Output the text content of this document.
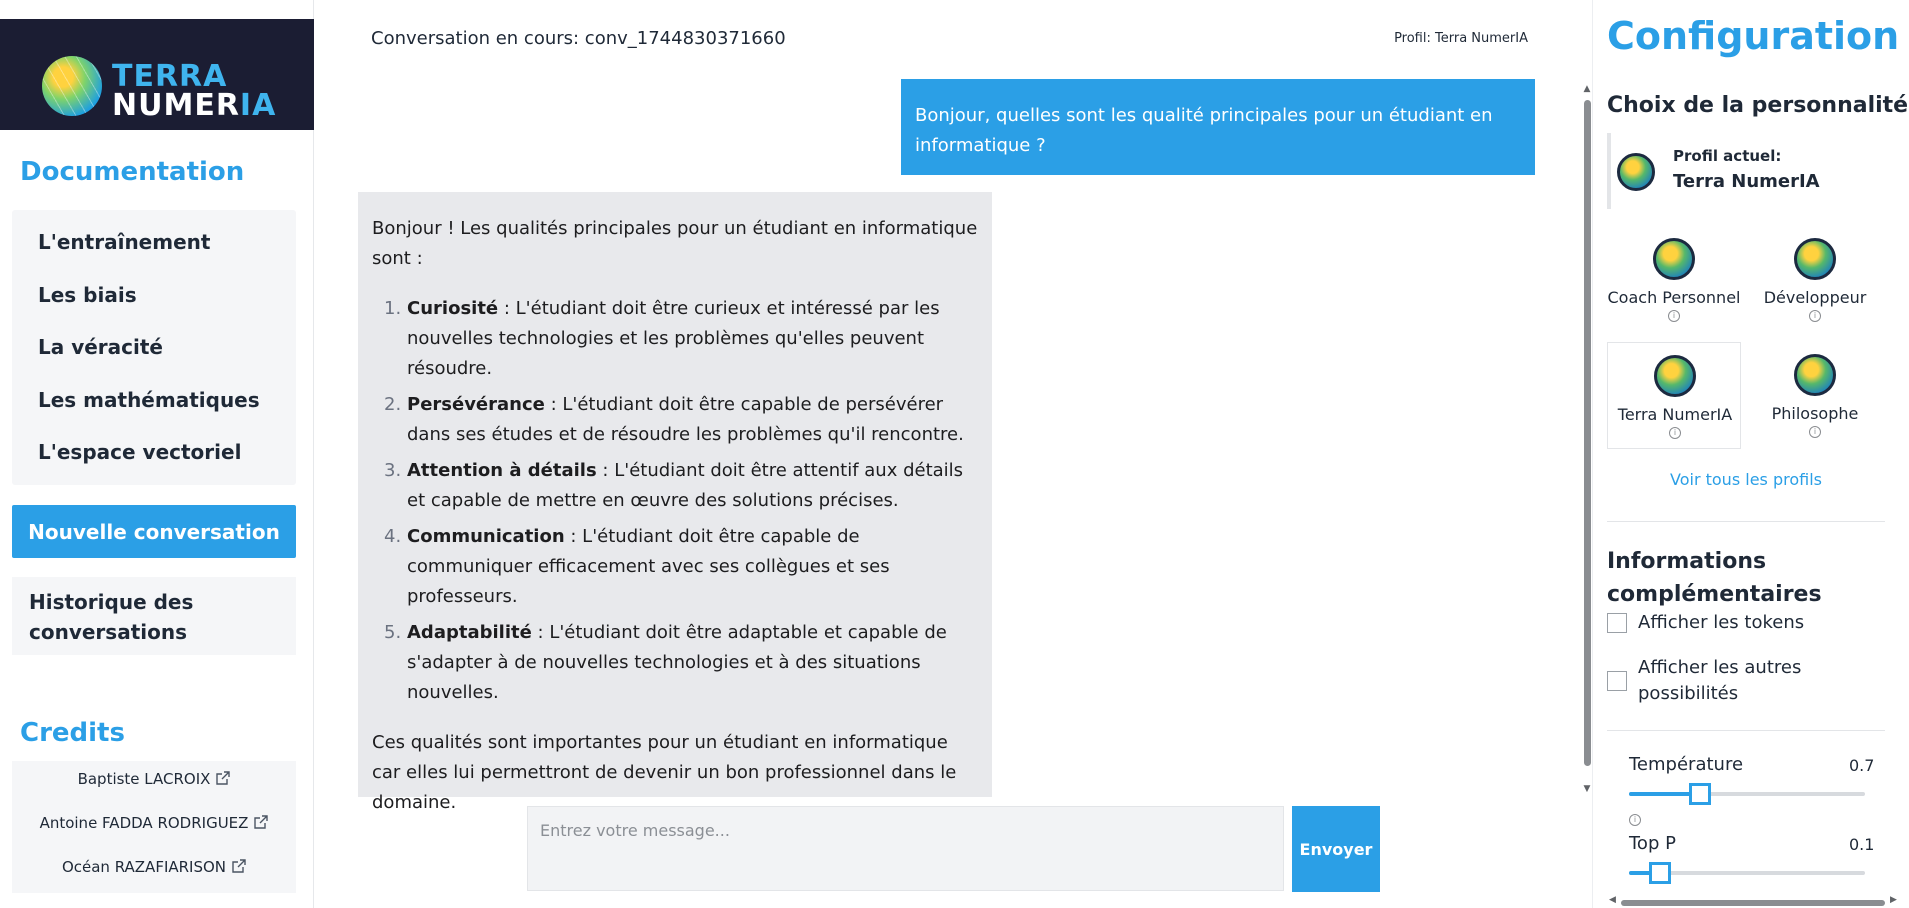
TERRA
NUMERIA
Documentation
L'entraînement
Les biais
La véracité
Les mathématiques
L'espace vectoriel
Nouvelle conversation
Historique des conversations
Credits
Baptiste LACROIX
Antoine FADDA RODRIGUEZ
Océan RAZAFIARISON
Conversation en cours: conv_1744830371660	Profil: Terra NumerIA
Bonjour, quelles sont les qualité principales pour un étudiant en informatique ?
Bonjour ! Les qualités principales pour un étudiant en informatique sont :
1. Curiosité : L'étudiant doit être curieux et intéressé par les nouvelles technologies et les problèmes qu'elles peuvent résoudre.
2. Persévérance : L'étudiant doit être capable de persévérer dans ses études et de résoudre les problèmes qu'il rencontre.
3. Attention à détails : L'étudiant doit être attentif aux détails et capable de mettre en œuvre des solutions précises.
4. Communication : L'étudiant doit être capable de communiquer efficacement avec ses collègues et ses professeurs.
5. Adaptabilité : L'étudiant doit être adaptable et capable de s'adapter à de nouvelles technologies et à des situations nouvelles.
Ces qualités sont importantes pour un étudiant en informatique car elles lui permettront de devenir un bon professionnel dans le domaine.
▲
▼
Entrez votre message...
Envoyer
Configuration
Choix de la personnalité
Profil actuel:
Terra NumerIA
Coach Personnel
i
Développeur
i
Terra NumerIA
i
Philosophe
i
Voir tous les profils
Informations complémentaires
Afficher les tokens
Afficher les autres possibilités
Température	0.7
i
Top P	0.1
◀	▶
